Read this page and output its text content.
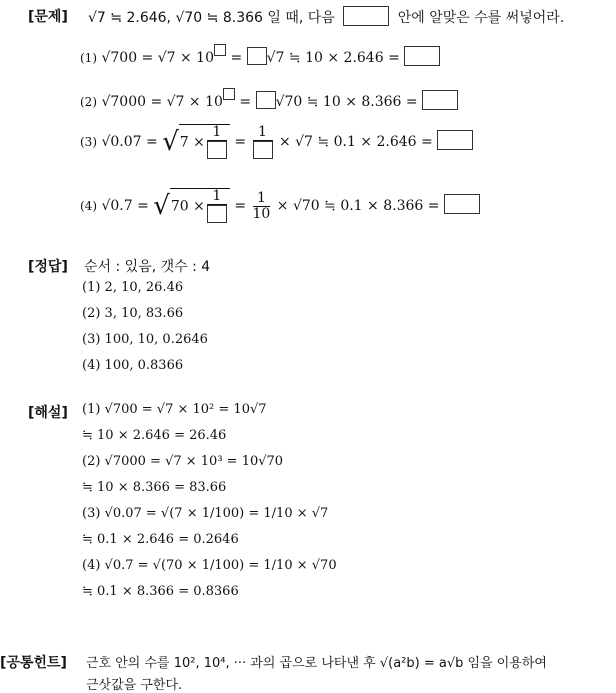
[문제] √7 ≒ 2.646, √70 ≒ 8.366 일 때, 다음	안에 알맞은 수를 써넣어라.
(1) √700 = √7 × 10 = √7 ≒ 10 × 2.646 =
(2) √7000 = √7 × 10 = √70 ≒ 10 × 8.366 =
(3) √0.07 = √7 ×
1
=
1
× √7 ≒ 0.1 × 2.646 =
(4) √0.7 = √70 ×
1
= $\frac{1}{10} \times √70$ ≒ 0.1 × 8.366 =
[정답] 순서 : 있음, 갯수 : 4
(1) 2, 10, 26.46
(2) 3, 10, 83.66
(3) 100, 10, 0.2646
(4) 100, 0.8366
[해설] (1) √700 = √7 × 10² = 10√7
≒ 10 × 2.646 = 26.46
(2) √7000 = √7 × 10³ = 10√70
≒ 10 × 8.366 = 83.66
(3) √0.07 = √(7 × 1/100) = 1/10 × √7
≒ 0.1 × 2.646 = 0.2646
(4) √0.7 = √(70 × 1/100) = 1/10 × √70
≒ 0.1 × 8.366 = 0.8366
[공통힌트] 근호 안의 수를 10², 10⁴, ··· 과의 곱으로 나타낸 후 √(a²b) = a√b 임을 이용하여
근삿값을 구한다.
